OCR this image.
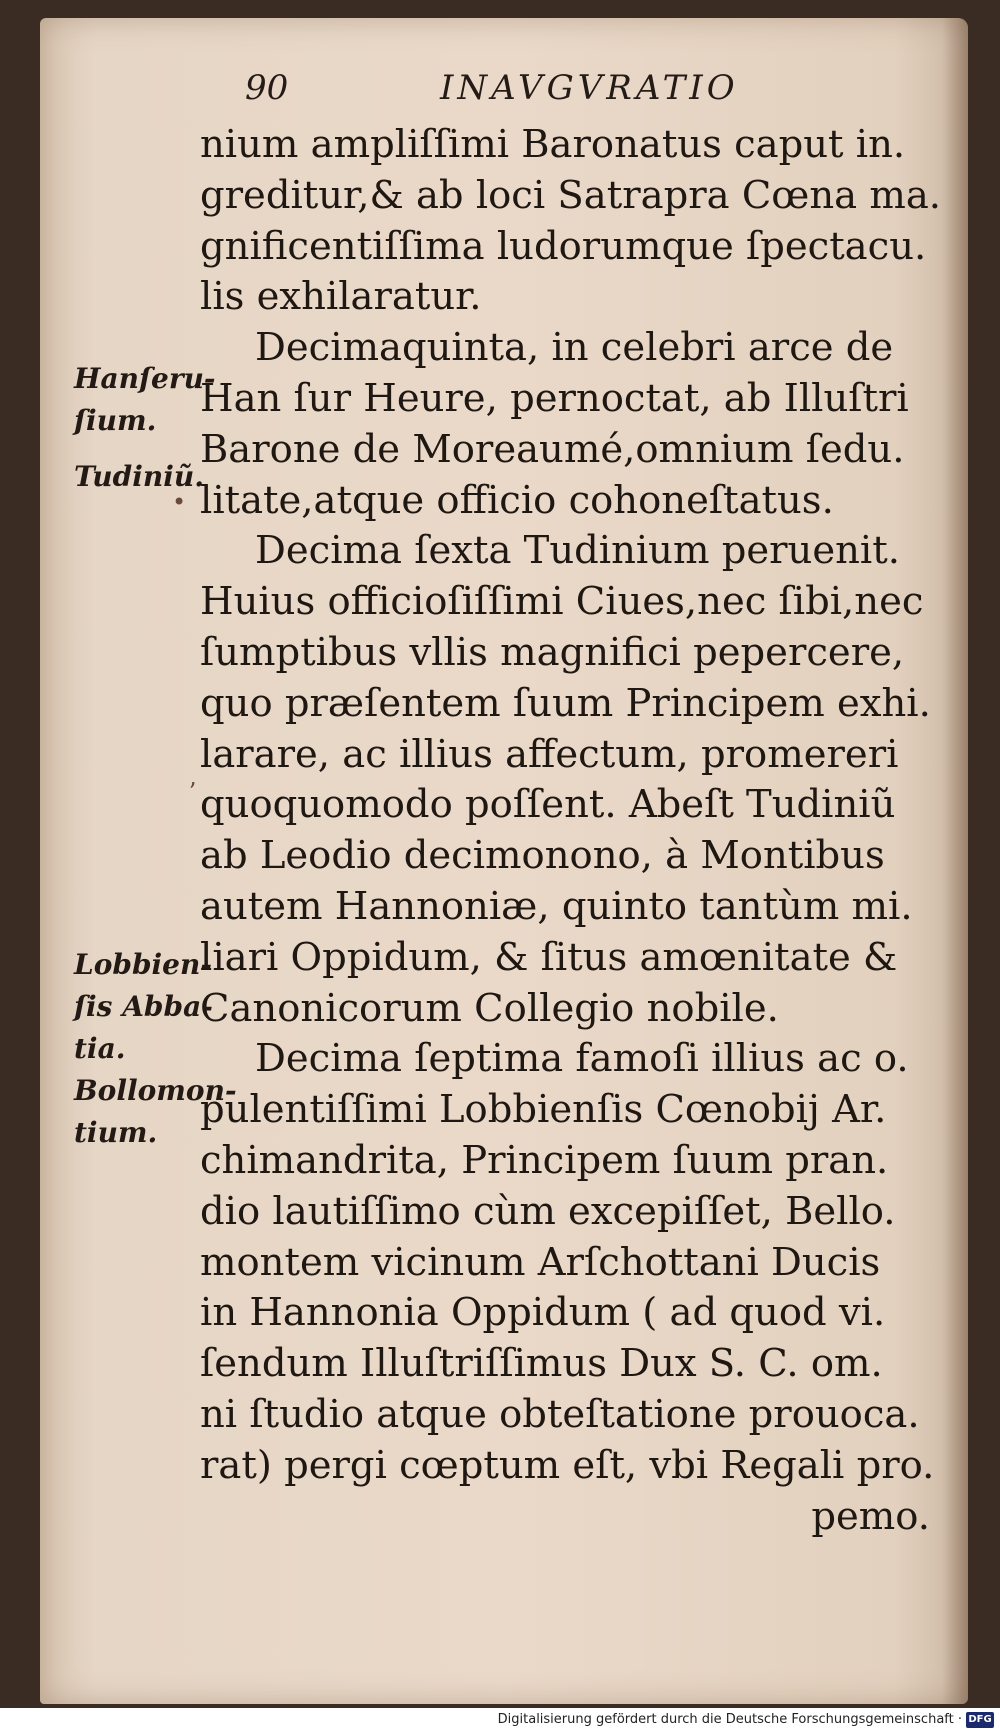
90	INAVGVRATIO
nium ampliſſimi Baronatus caput in.
greditur,& ab loci Satrapra Cœna ma.
gnificentiſſima ludorumque ſpectacu.
lis exhilaratur.
Decimaquinta, in celebri arce de
Han ſur Heure, pernoctat, ab Illuſtri
Barone de Moreaumé,omnium ſedu.
litate,atque officio cohoneſtatus.
Decima ſexta Tudinium peruenit.
Huius officioſiſſimi Ciues,nec ſibi,nec
ſumptibus vllis magnifici pepercere,
quo præſentem ſuum Principem exhi.
larare, ac illius affectum, promereri
quoquomodo poſſent. Abeſt Tudiniũ
ab Leodio decimonono, à Montibus
autem Hannoniæ, quinto tantùm mi.
liari Oppidum, & ſitus amœnitate &
Canonicorum Collegio nobile.
Decima ſeptima famoſi illius ac o.
pulentiſſimi Lobbienſis Cœnobij Ar.
chimandrita, Principem ſuum pran.
dio lautiſſimo cùm excepiſſet, Bello.
montem vicinum Arſchottani Ducis
in Hannonia Oppidum ( ad quod vi.
ſendum Illuſtriſſimus Dux S. C. om.
ni ſtudio atque obteſtatione prouoca.
rat) pergi cœptum eſt, vbi Regali pro.
pemo.
Hanſeru-
ſium.
Tudiniũ.
Lobbien-
ſis Abba-
tia.
Bollomon-
tium.
•
ʼ
Digitalisierung gefördert durch die Deutsche Forschungsgemeinschaft · DFG
